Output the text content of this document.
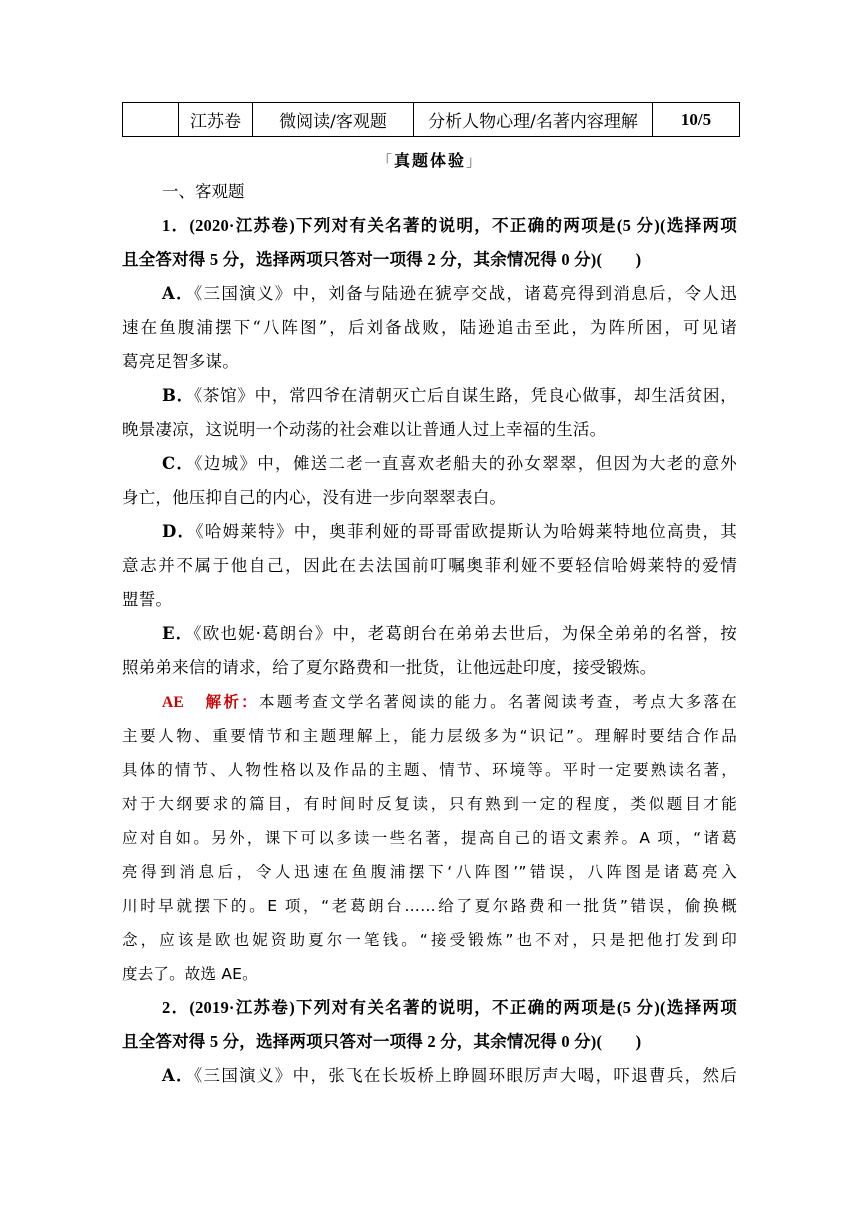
	江苏卷	微阅读/客观题	分析人物心理/名著内容理解	10/5
「真题体验」
一、客观题
1．(2020·江苏卷)下列对有关名著的说明，不正确的两项是(5 分)(选择两项
且全答对得 5 分，选择两项只答对一项得 2 分，其余情况得 0 分)(　　)
A．《三国演义》中，刘备与陆逊在猇亭交战，诸葛亮得到消息后，令人迅
速在鱼腹浦摆下“八阵图”，后刘备战败，陆逊追击至此，为阵所困，可见诸
葛亮足智多谋。
B．《茶馆》中，常四爷在清朝灭亡后自谋生路，凭良心做事，却生活贫困，
晚景凄凉，这说明一个动荡的社会难以让普通人过上幸福的生活。
C．《边城》中，傩送二老一直喜欢老船夫的孙女翠翠，但因为大老的意外
身亡，他压抑自己的内心，没有进一步向翠翠表白。
D．《哈姆莱特》中，奥菲利娅的哥哥雷欧提斯认为哈姆莱特地位高贵，其
意志并不属于他自己，因此在去法国前叮嘱奥菲利娅不要轻信哈姆莱特的爱情
盟誓。
E．《欧也妮·葛朗台》中，老葛朗台在弟弟去世后，为保全弟弟的名誉，按
照弟弟来信的请求，给了夏尔路费和一批货，让他远赴印度，接受锻炼。
AE 解析：本题考查文学名著阅读的能力。名著阅读考查，考点大多落在
主要人物、重要情节和主题理解上，能力层级多为“识记”。理解时要结合作品
具体的情节、人物性格以及作品的主题、情节、环境等。平时一定要熟读名著，
对于大纲要求的篇目，有时间时反复读，只有熟到一定的程度，类似题目才能
应对自如。另外，课下可以多读一些名著，提高自己的语文素养。A 项，“诸葛
亮得到消息后，令人迅速在鱼腹浦摆下‘八阵图’”错误，八阵图是诸葛亮入
川时早就摆下的。E 项，“老葛朗台……给了夏尔路费和一批货”错误，偷换概
念，应该是欧也妮资助夏尔一笔钱。“接受锻炼”也不对，只是把他打发到印
度去了。故选 AE。
2．(2019·江苏卷)下列对有关名著的说明，不正确的两项是(5 分)(选择两项
且全答对得 5 分，选择两项只答对一项得 2 分，其余情况得 0 分)(　　)
A．《三国演义》中，张飞在长坂桥上睁圆环眼厉声大喝，吓退曹兵，然后
